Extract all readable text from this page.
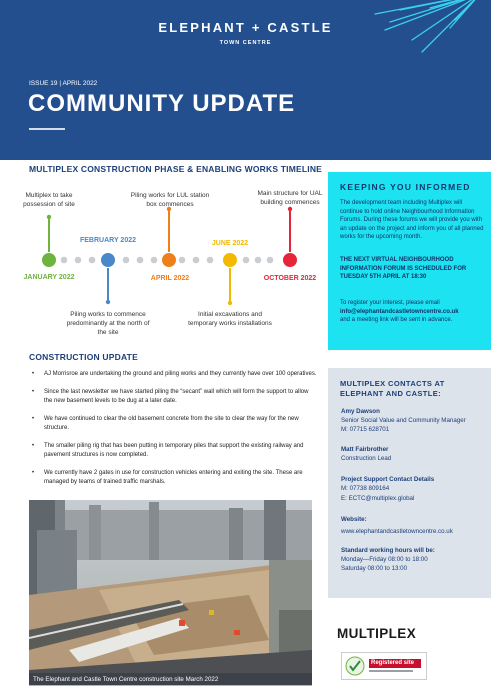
ELEPHANT + CASTLE
TOWN CENTRE
ISSUE 19 | APRIL 2022
COMMUNITY UPDATE
MULTIPLEX CONSTRUCTION PHASE & ENABLING WORKS TIMELINE
Multiplex to take possession of site
JANUARY 2022
FEBRUARY 2022
Piling works to commence predominantly at the north of the site
Piling works for LUL station box commences
APRIL 2022
JUNE 2022
Initial excavations and temporary works installations
Main structure for UAL building commences
OCTOBER 2022
KEEPING YOU INFORMED
The development team including Multiplex will continue to hold online Neighbourhood Information Forums. During these forums we will provide you with an update on the project and inform you of all planned works for the upcoming month.
THE NEXT VIRTUAL NEIGHBOURHOOD INFORMATION FORUM IS SCHEDULED FOR TUESDAY 5TH APRIL AT 18:30
To register your interest, please email
info@elephantandcastletowncentre.co.uk
and a meeting link will be sent in advance.
CONSTRUCTION UPDATE
• AJ Morrisroe are undertaking the ground and piling works and they currently have over 100 operatives.
• Since the last newsletter we have started piling the “secant” wall which will form the support to allow the new basement levels to be dug at a later date.
• We have continued to clear the old basement concrete from the site to clear the way for the new structure.
• The smaller piling rig that has been putting in temporary piles that support the existing railway and pavement structures is now completed.
• We currently have 2 gates in use for construction vehicles entering and exiting the site. These are managed by teams of trained traffic marshals.
The Elephant and Castle Town Centre construction site March 2022
MULTIPLEX CONTACTS AT ELEPHANT AND CASTLE:
Amy Dawson
Senior Social Value and Community Manager
M: 07715 628701
Matt Fairbrother
Construction Lead
Project Support Contact Details
M: 07738 809164
E: ECTC@multiplex.global
Website:
www.elephantandcastletowncentre.co.uk
Standard working hours will be:
Monday—Friday 08:00 to 18:00
Saturday 08:00 to 13:00
MULTIPLEX
Registered site
